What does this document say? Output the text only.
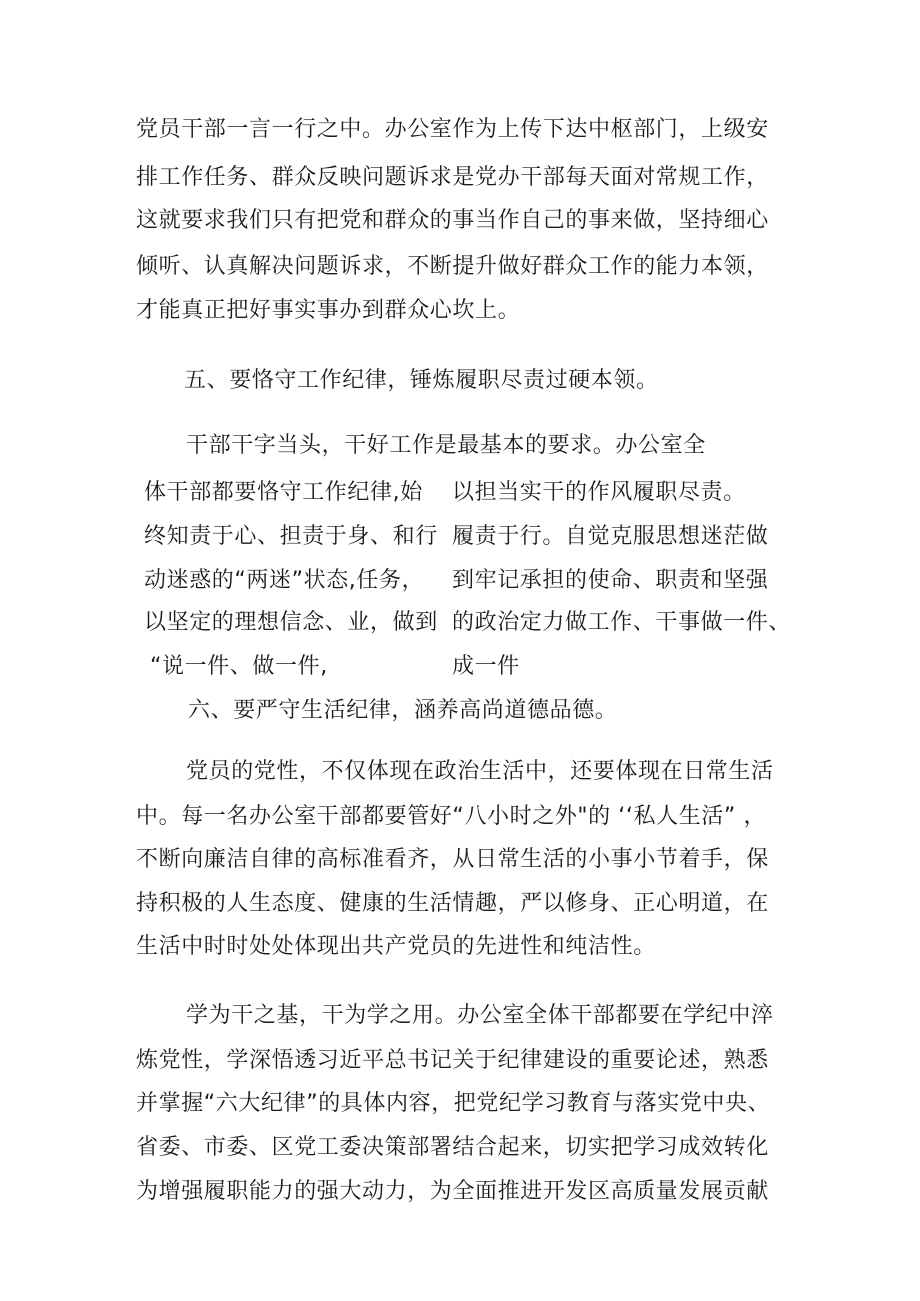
党员干部一言一行之中。办公室作为上传下达中枢部门，上级安
排工作任务、群众反映问题诉求是党办干部每天面对常规工作，
这就要求我们只有把党和群众的事当作自己的事来做，坚持细心
倾听、认真解决问题诉求，不断提升做好群众工作的能力本领，
才能真正把好事实事办到群众心坎上。
五、要恪守工作纪律，锤炼履职尽责过硬本领。
干部干字当头，干好工作是最基本的要求。办公室全
体干部都要恪守工作纪律,始
终知责于心、担责于身、和行
动迷惑的“两迷”状态,任务，
以坚定的理想信念、业，做到
“说一件、做一件,
以担当实干的作风履职尽责。
履责于行。自觉克服思想迷茫做
到牢记承担的使命、职责和坚强
的政治定力做工作、干事做一件、
成一件
六、要严守生活纪律，涵养高尚道德品德。
党员的党性，不仅体现在政治生活中，还要体现在日常生活
中。每一名办公室干部都要管好“八小时之外"的 ‘‘私人生活” ，
不断向廉洁自律的高标准看齐，从日常生活的小事小节着手，保
持积极的人生态度、健康的生活情趣，严以修身、正心明道，在
生活中时时处处体现出共产党员的先进性和纯洁性。
学为干之基，干为学之用。办公室全体干部都要在学纪中淬
炼党性，学深悟透习近平总书记关于纪律建设的重要论述，熟悉
并掌握“六大纪律”的具体内容，把党纪学习教育与落实党中央、
省委、市委、区党工委决策部署结合起来，切实把学习成效转化
为增强履职能力的强大动力，为全面推进开发区高质量发展贡献
